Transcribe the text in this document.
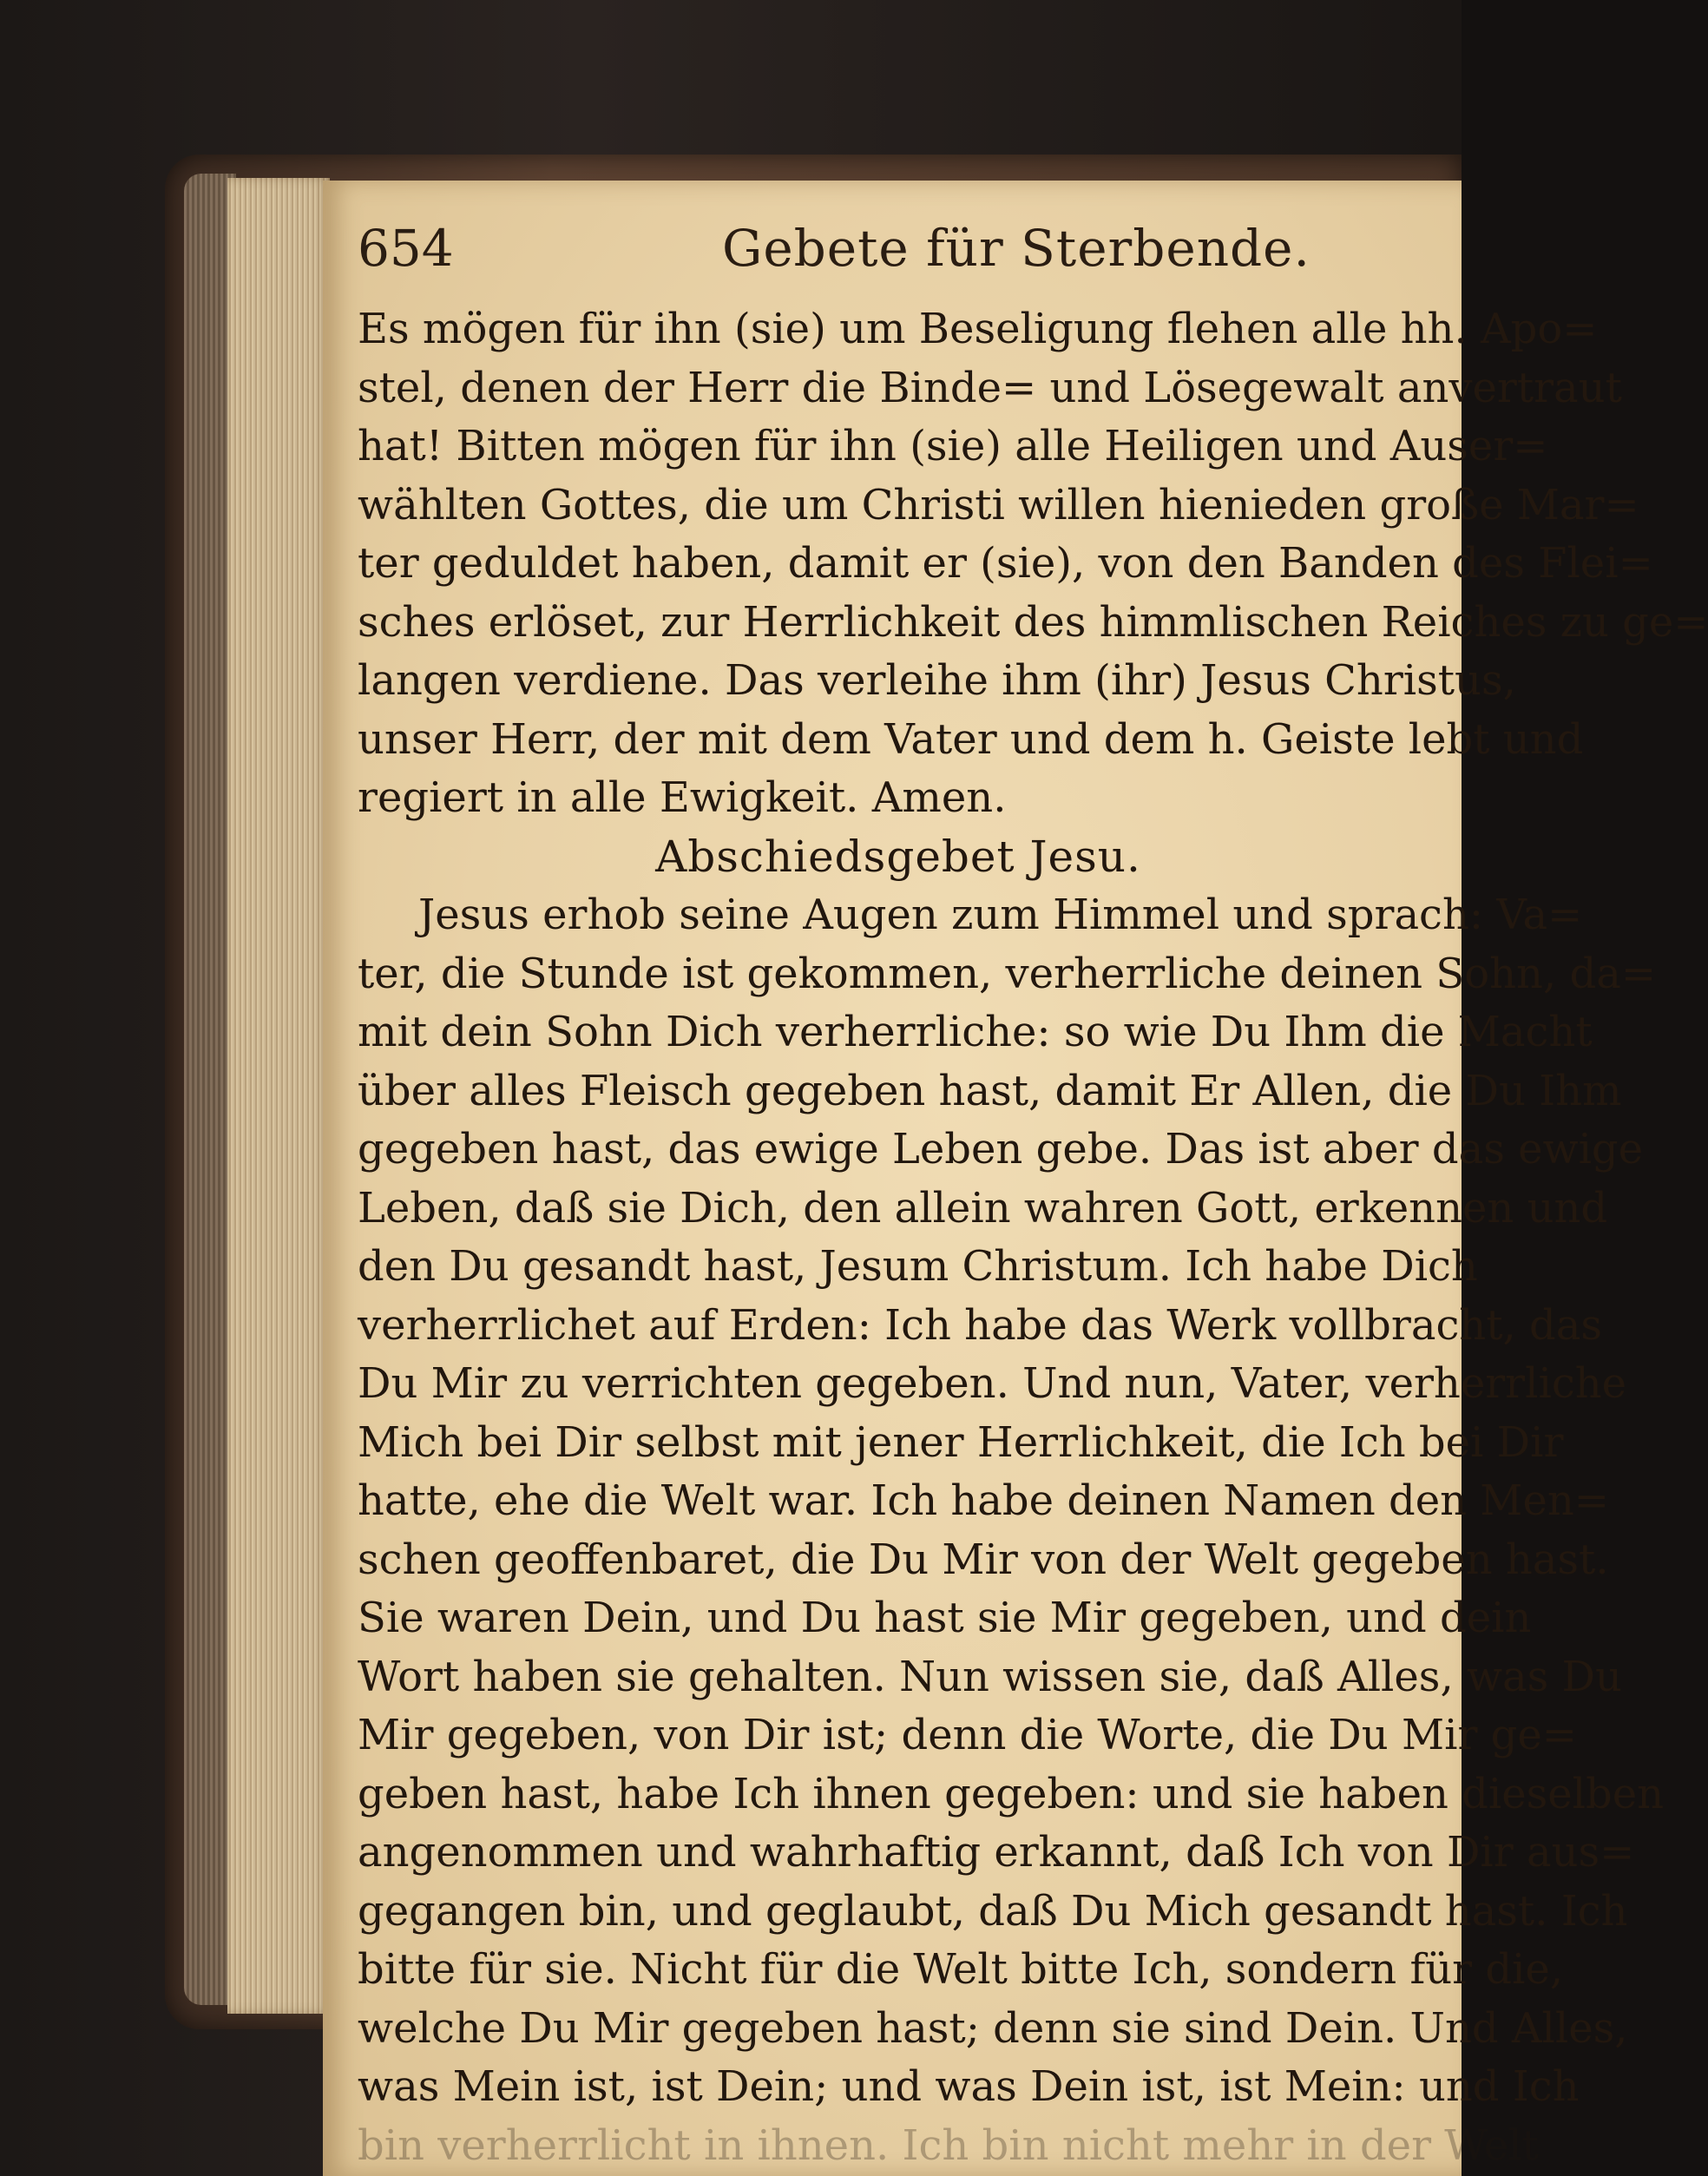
654	Gebete für Sterbende.
Es mögen für ihn (sie) um Beseligung flehen alle hh. Apo=
stel, denen der Herr die Binde= und Lösegewalt anvertraut
hat! Bitten mögen für ihn (sie) alle Heiligen und Auser=
wählten Gottes, die um Christi willen hienieden große Mar=
ter geduldet haben, damit er (sie), von den Banden des Flei=
sches erlöset, zur Herrlichkeit des himmlischen Reiches zu ge=
langen verdiene. Das verleihe ihm (ihr) Jesus Christus,
unser Herr, der mit dem Vater und dem h. Geiste lebt und
regiert in alle Ewigkeit. Amen.
Abschiedsgebet Jesu.
Jesus erhob seine Augen zum Himmel und sprach: Va=
ter, die Stunde ist gekommen, verherrliche deinen Sohn, da=
mit dein Sohn Dich verherrliche: so wie Du Ihm die Macht
über alles Fleisch gegeben hast, damit Er Allen, die Du Ihm
gegeben hast, das ewige Leben gebe. Das ist aber das ewige
Leben, daß sie Dich, den allein wahren Gott, erkennen und
den Du gesandt hast, Jesum Christum. Ich habe Dich
verherrlichet auf Erden: Ich habe das Werk vollbracht, das
Du Mir zu verrichten gegeben. Und nun, Vater, verherrliche
Mich bei Dir selbst mit jener Herrlichkeit, die Ich bei Dir
hatte, ehe die Welt war. Ich habe deinen Namen den Men=
schen geoffenbaret, die Du Mir von der Welt gegeben hast.
Sie waren Dein, und Du hast sie Mir gegeben, und dein
Wort haben sie gehalten. Nun wissen sie, daß Alles, was Du
Mir gegeben, von Dir ist; denn die Worte, die Du Mir ge=
geben hast, habe Ich ihnen gegeben: und sie haben dieselben
angenommen und wahrhaftig erkannt, daß Ich von Dir aus=
gegangen bin, und geglaubt, daß Du Mich gesandt hast. Ich
bitte für sie. Nicht für die Welt bitte Ich, sondern für die,
welche Du Mir gegeben hast; denn sie sind Dein. Und Alles,
was Mein ist, ist Dein; und was Dein ist, ist Mein: und Ich
bin verherrlicht in ihnen. Ich bin nicht mehr in der Welt
